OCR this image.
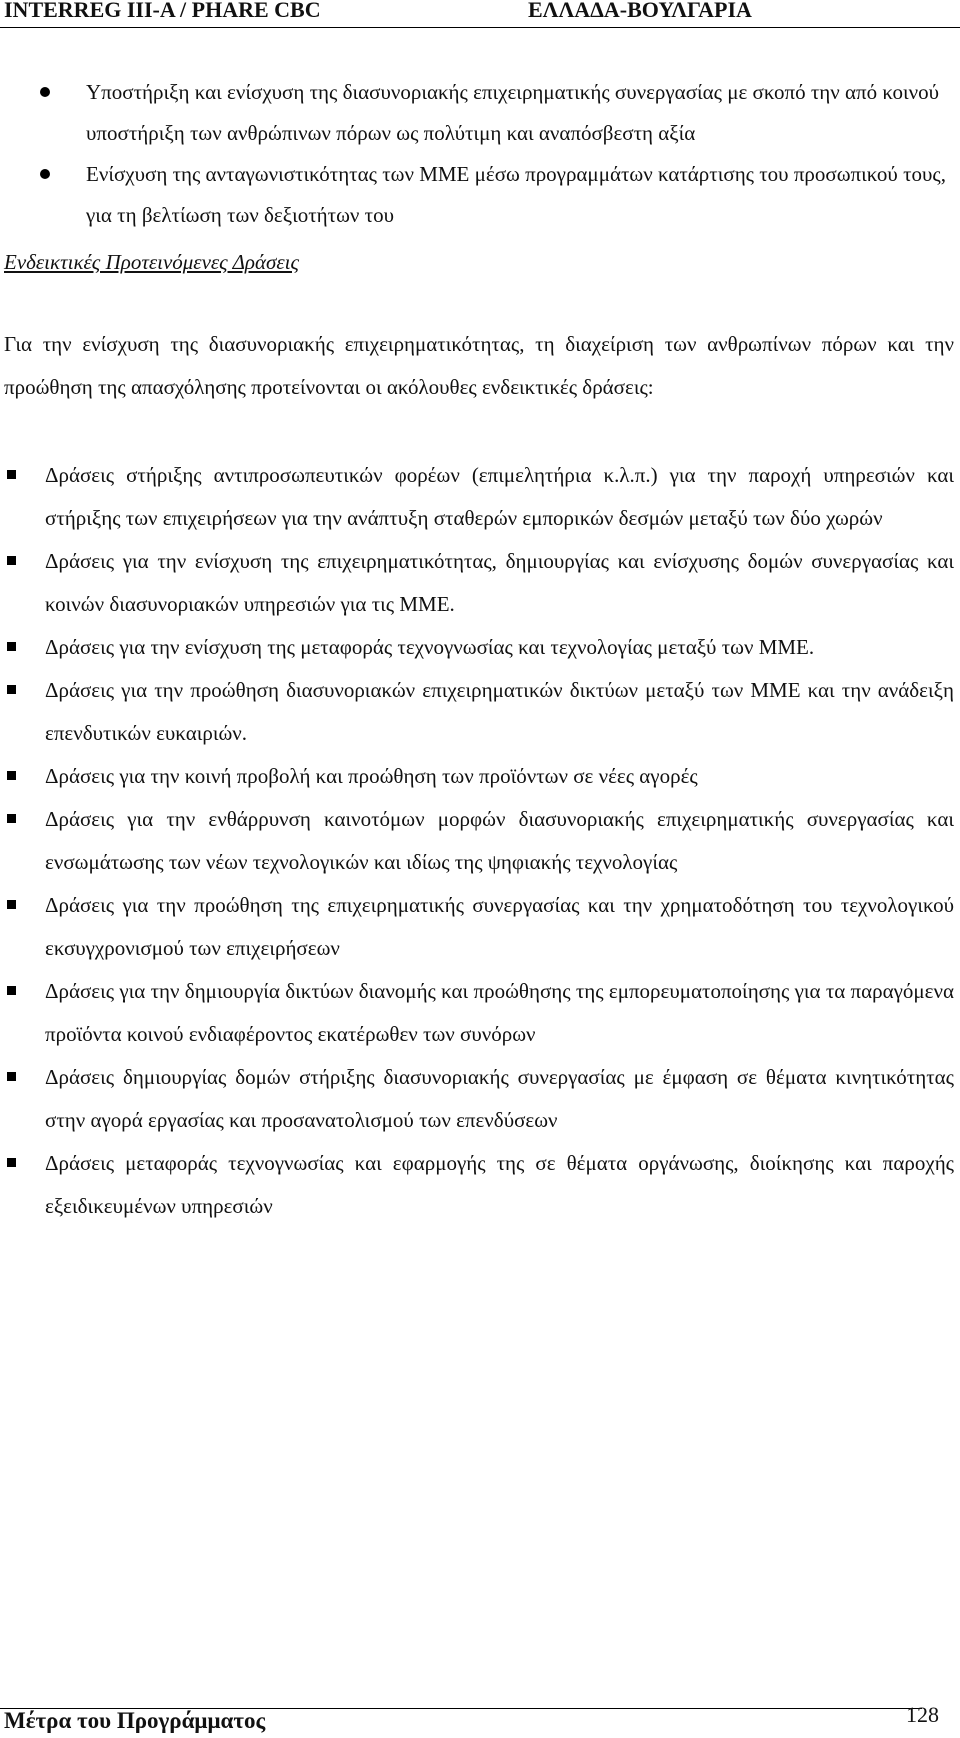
INTERREG III-A / PHARE CBC	ΕΛΛΑΔΑ-ΒΟΥΛΓΑΡΙΑ
Υποστήριξη και ενίσχυση της διασυνοριακής επιχειρηματικής συνεργασίας με σκοπό την από κοινού υποστήριξη των ανθρώπινων πόρων ως πολύτιμη και αναπόσβεστη αξία
Ενίσχυση της ανταγωνιστικότητας των ΜΜΕ μέσω προγραμμάτων κατάρτισης του προσωπικού τους, για τη βελτίωση των δεξιοτήτων του
Ενδεικτικές Προτεινόμενες Δράσεις

Για την ενίσχυση της διασυνοριακής επιχειρηματικότητας, τη διαχείριση των ανθρωπίνων πόρων και την προώθηση της απασχόλησης προτείνονται οι ακόλουθες ενδεικτικές δράσεις:

Δράσεις στήριξης αντιπροσωπευτικών φορέων (επιμελητήρια κ.λ.π.) για την παροχή υπηρεσιών και στήριξης των επιχειρήσεων για την ανάπτυξη σταθερών εμπορικών δεσμών μεταξύ των δύο χωρών
Δράσεις για την ενίσχυση της επιχειρηματικότητας, δημιουργίας και ενίσχυσης δομών συνεργασίας και κοινών διασυνοριακών υπηρεσιών για τις ΜΜΕ.
Δράσεις για την ενίσχυση της μεταφοράς τεχνογνωσίας και τεχνολογίας μεταξύ των ΜΜΕ.
Δράσεις για την προώθηση διασυνοριακών επιχειρηματικών δικτύων μεταξύ των ΜΜΕ και την ανάδειξη επενδυτικών ευκαιριών.
Δράσεις για την κοινή προβολή και προώθηση των προϊόντων σε νέες αγορές
Δράσεις για την ενθάρρυνση καινοτόμων μορφών διασυνοριακής επιχειρηματικής συνεργασίας και ενσωμάτωσης των νέων τεχνολογικών και ιδίως της ψηφιακής τεχνολογίας
Δράσεις για την προώθηση της επιχειρηματικής συνεργασίας και την χρηματοδότηση του τεχνολογικού εκσυγχρονισμού των επιχειρήσεων
Δράσεις για την δημιουργία δικτύων διανομής και προώθησης της εμπορευματοποίησης για τα παραγόμενα προϊόντα κοινού ενδιαφέροντος εκατέρωθεν των συνόρων
Δράσεις δημιουργίας δομών στήριξης διασυνοριακής συνεργασίας με έμφαση σε θέματα κινητικότητας στην αγορά εργασίας και προσανατολισμού των επενδύσεων
Δράσεις μεταφοράς τεχνογνωσίας και εφαρμογής της σε θέματα οργάνωσης, διοίκησης και παροχής εξειδικευμένων υπηρεσιών
Μέτρα του Προγράμματος	128
